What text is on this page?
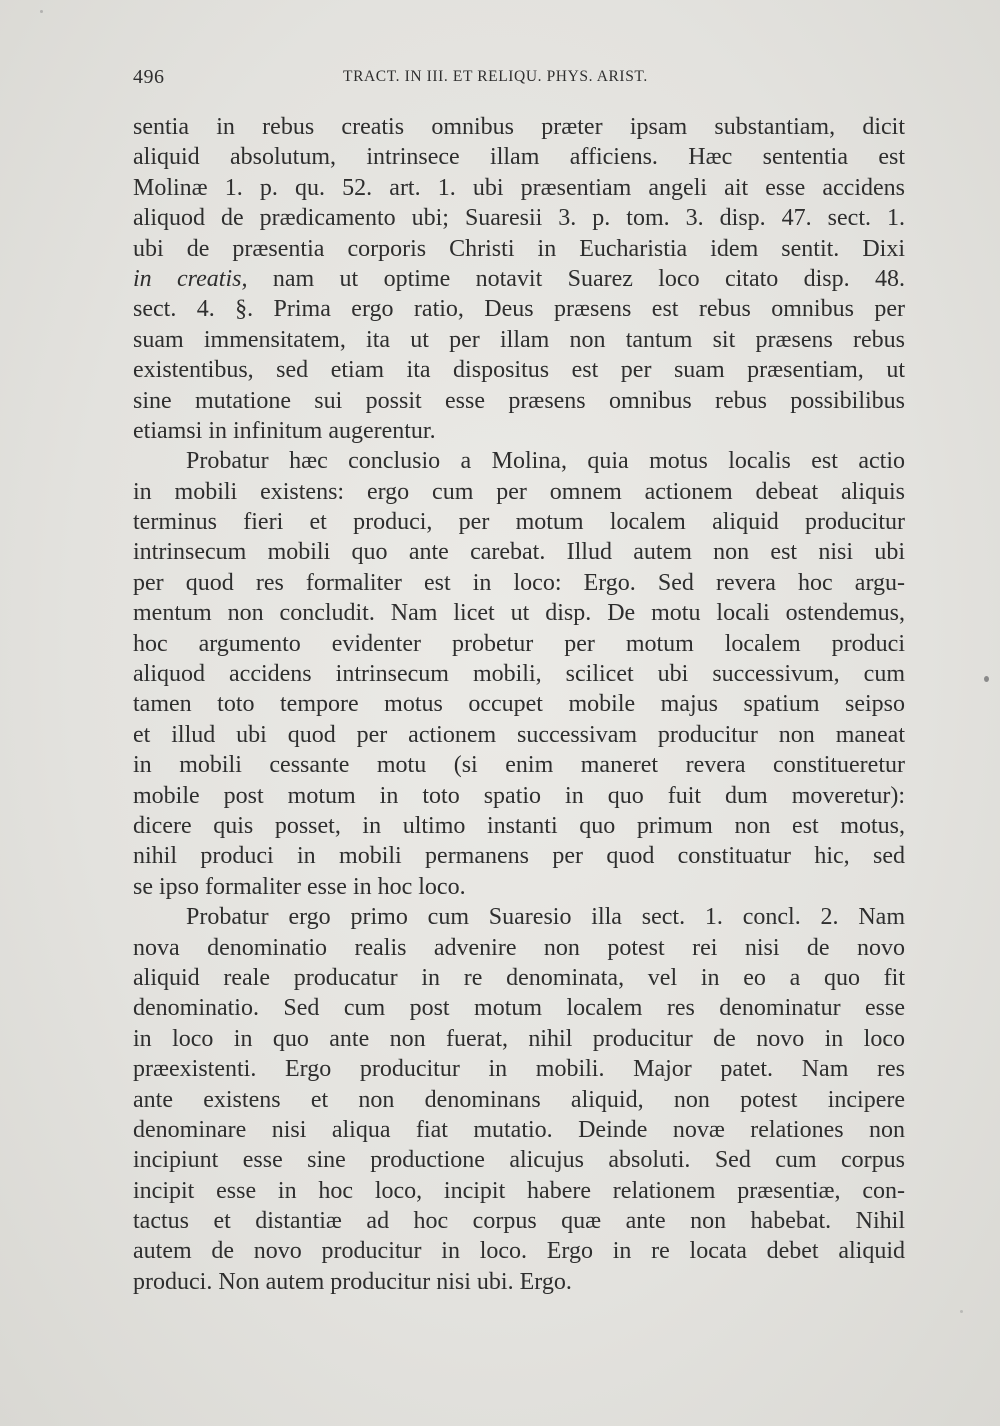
496	TRACT. IN III. ET RELIQU. PHYS. ARIST.
sentia in rebus creatis omnibus præter ipsam substantiam, dicit
aliquid absolutum, intrinsece illam afficiens. Hæc sententia est
Molinæ 1. p. qu. 52. art. 1. ubi præsentiam angeli ait esse accidens
aliquod de prædicamento ubi; Suaresii 3. p. tom. 3. disp. 47. sect. 1.
ubi de præsentia corporis Christi in Eucharistia idem sentit. Dixi
in creatis, nam ut optime notavit Suarez loco citato disp. 48.
sect. 4. §. Prima ergo ratio, Deus præsens est rebus omnibus per
suam immensitatem, ita ut per illam non tantum sit præsens rebus
existentibus, sed etiam ita dispositus est per suam præsentiam, ut
sine mutatione sui possit esse præsens omnibus rebus possibilibus
etiamsi in infinitum augerentur.
Probatur hæc conclusio a Molina, quia motus localis est actio
in mobili existens: ergo cum per omnem actionem debeat aliquis
terminus fieri et produci, per motum localem aliquid producitur
intrinsecum mobili quo ante carebat. Illud autem non est nisi ubi
per quod res formaliter est in loco: Ergo. Sed revera hoc argu-
mentum non concludit. Nam licet ut disp. De motu locali ostendemus,
hoc argumento evidenter probetur per motum localem produci
aliquod accidens intrinsecum mobili, scilicet ubi successivum, cum
tamen toto tempore motus occupet mobile majus spatium seipso
et illud ubi quod per actionem successivam producitur non maneat
in mobili cessante motu (si enim maneret revera constitueretur
mobile post motum in toto spatio in quo fuit dum moveretur):
dicere quis posset, in ultimo instanti quo primum non est motus,
nihil produci in mobili permanens per quod constituatur hic, sed
se ipso formaliter esse in hoc loco.
Probatur ergo primo cum Suaresio illa sect. 1. concl. 2. Nam
nova denominatio realis advenire non potest rei nisi de novo
aliquid reale producatur in re denominata, vel in eo a quo fit
denominatio. Sed cum post motum localem res denominatur esse
in loco in quo ante non fuerat, nihil producitur de novo in loco
præexistenti. Ergo producitur in mobili. Major patet. Nam res
ante existens et non denominans aliquid, non potest incipere
denominare nisi aliqua fiat mutatio. Deinde novæ relationes non
incipiunt esse sine productione alicujus absoluti. Sed cum corpus
incipit esse in hoc loco, incipit habere relationem præsentiæ, con-
tactus et distantiæ ad hoc corpus quæ ante non habebat. Nihil
autem de novo producitur in loco. Ergo in re locata debet aliquid
produci. Non autem producitur nisi ubi. Ergo.
